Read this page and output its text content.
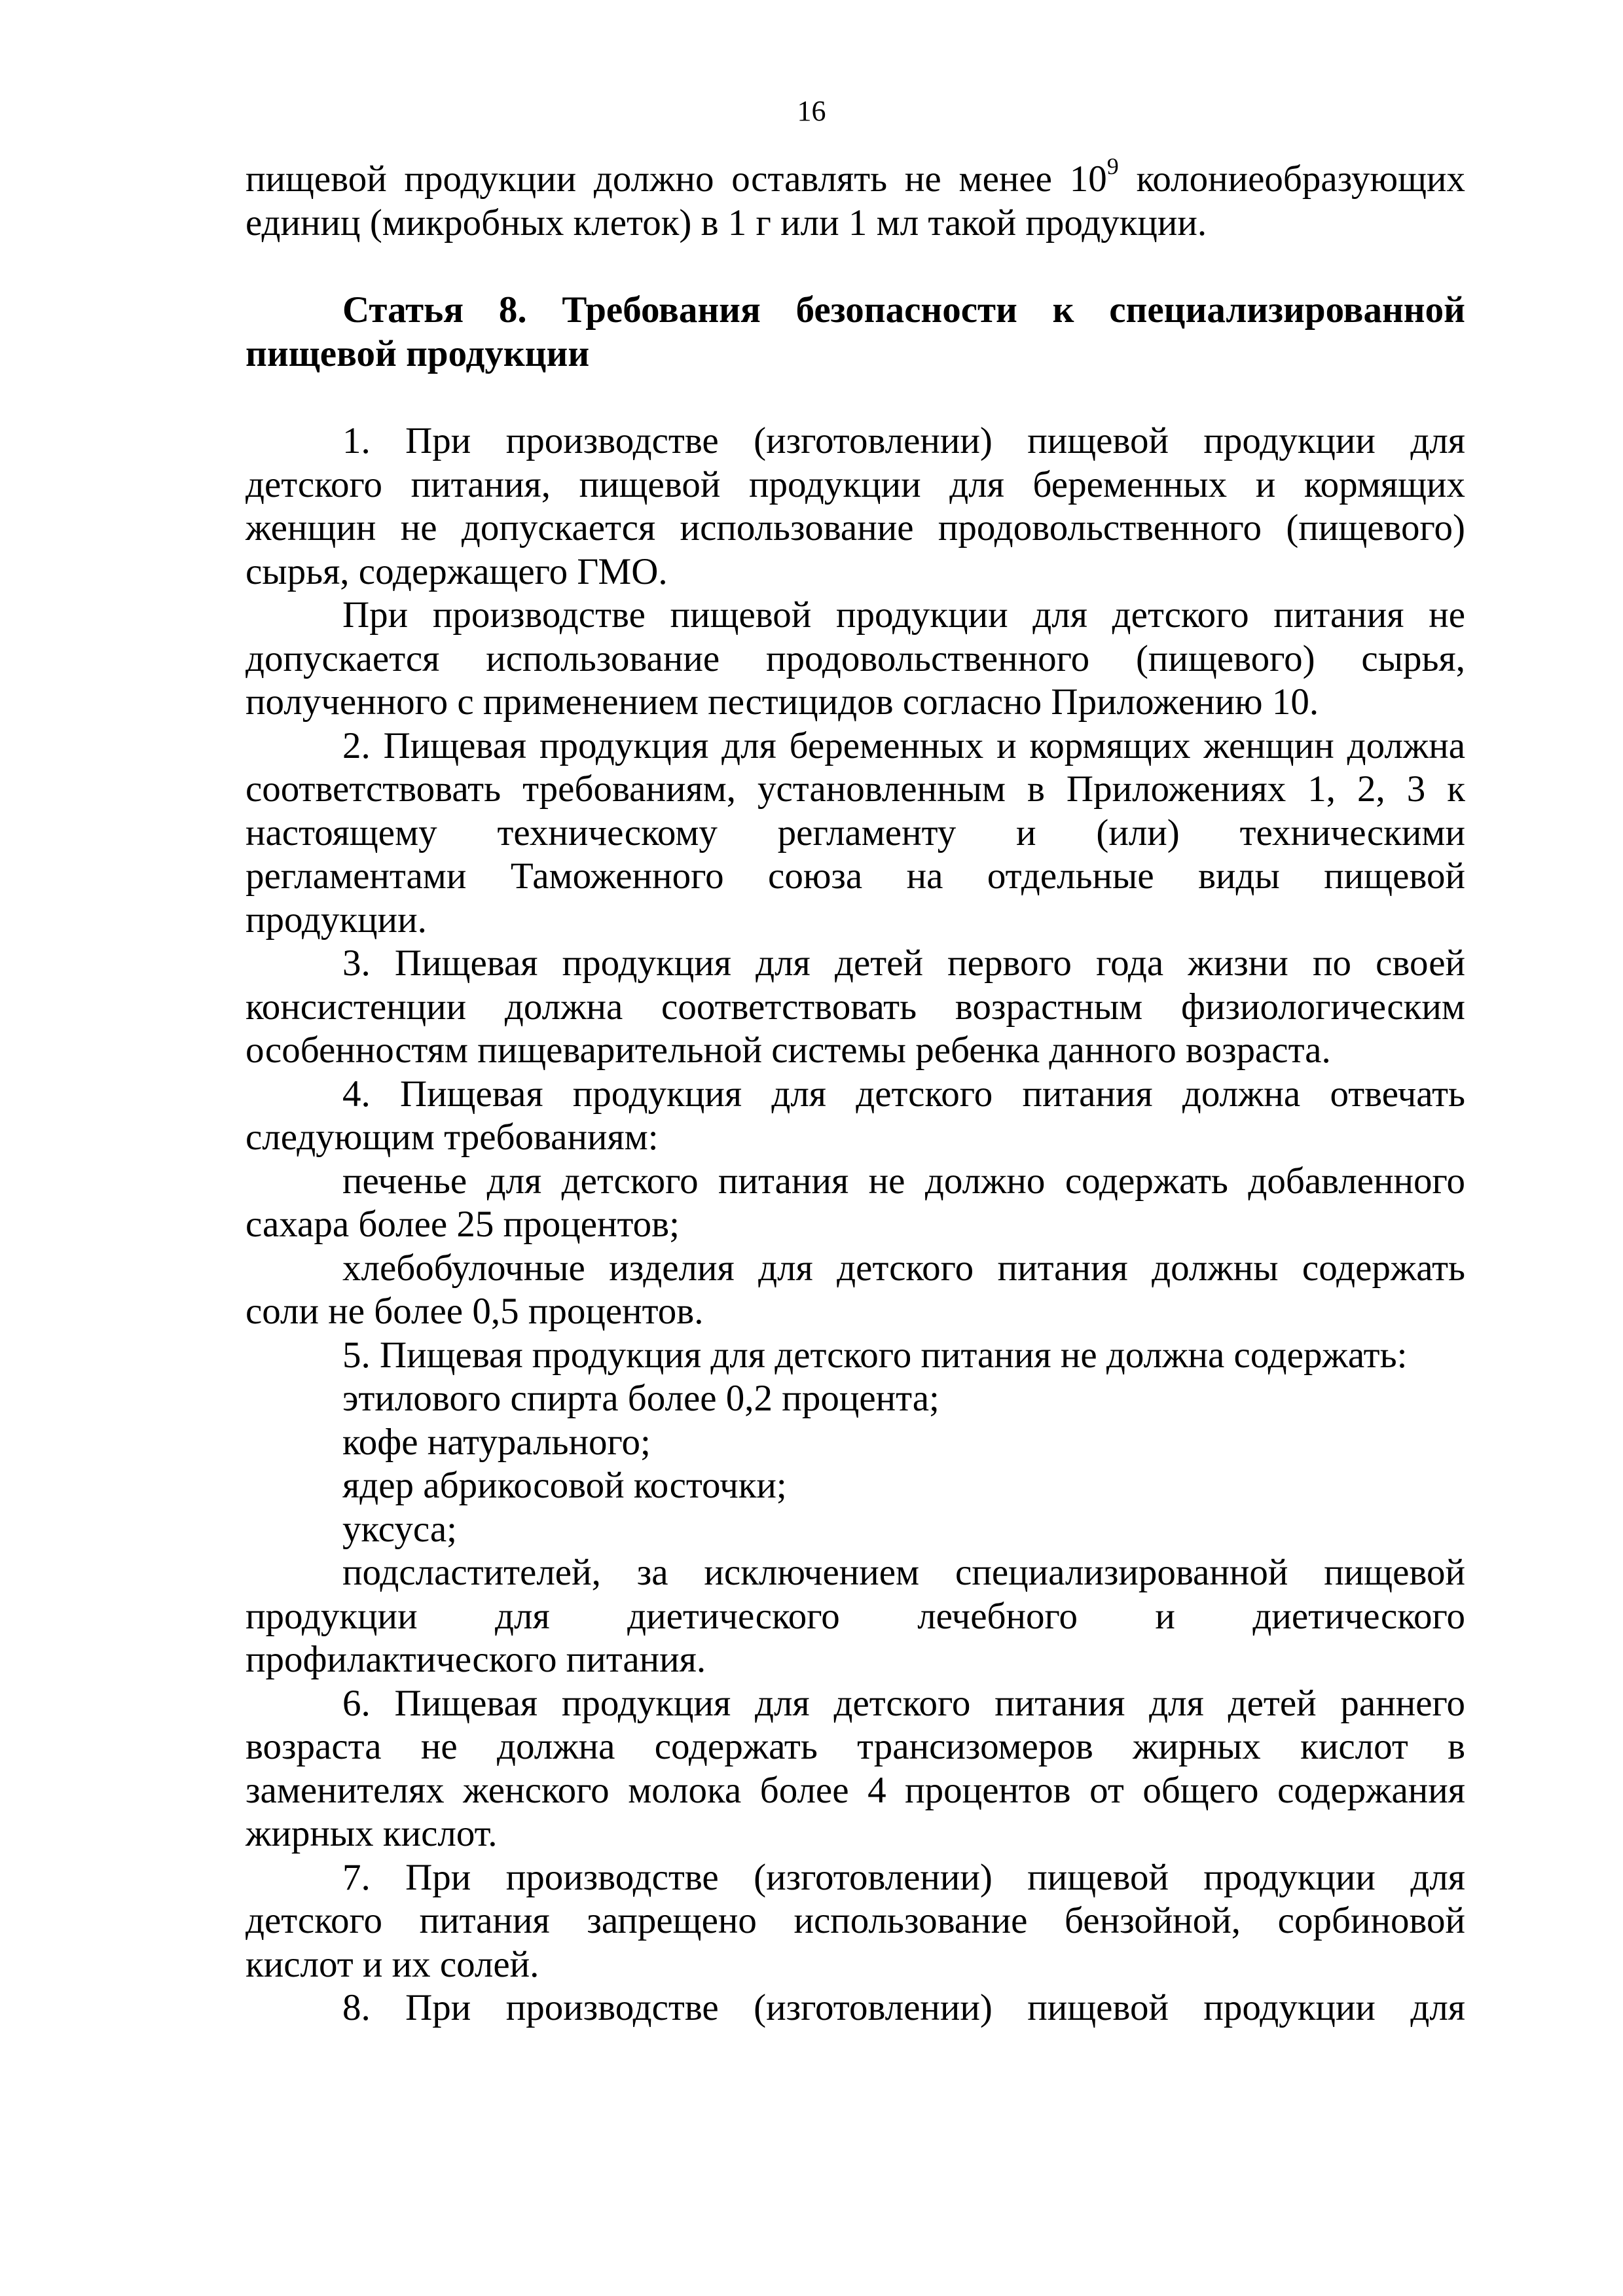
16

пищевой продукции должно оставлять не менее $10^9$ колониеобразующих

единиц (микробных клеток) в 1 г или 1 мл такой продукции.

Статья 8. Требования безопасности к специализированной

пищевой продукции

1. При производстве (изготовлении) пищевой продукции для

детского питания, пищевой продукции для беременных и кормящих

женщин не допускается использование продовольственного (пищевого)

сырья, содержащего ГМО.

При производстве пищевой продукции для детского питания не

допускается использование продовольственного (пищевого) сырья,

полученного с применением пестицидов согласно Приложению 10.

2. Пищевая продукция для беременных и кормящих женщин должна

соответствовать требованиям, установленным в Приложениях 1, 2, 3 к

настоящему техническому регламенту и (или) техническими

регламентами Таможенного союза на отдельные виды пищевой

продукции.

3. Пищевая продукция для детей первого года жизни по своей

консистенции должна соответствовать возрастным физиологическим

особенностям пищеварительной системы ребенка данного возраста.

4. Пищевая продукция для детского питания должна отвечать

следующим требованиям:

печенье для детского питания не должно содержать добавленного

сахара более 25 процентов;

хлебобулочные изделия для детского питания должны содержать

соли не более 0,5 процентов.

5. Пищевая продукция для детского питания не должна содержать:

этилового спирта более 0,2 процента;

кофе натурального;

ядер абрикосовой косточки;

уксуса;

подсластителей, за исключением специализированной пищевой

продукции для диетического лечебного и диетического

профилактического питания.

6. Пищевая продукция для детского питания для детей раннего

возраста не должна содержать трансизомеров жирных кислот в

заменителях женского молока более 4 процентов от общего содержания

жирных кислот.

7. При производстве (изготовлении) пищевой продукции для

детского питания запрещено использование бензойной, сорбиновой

кислот и их солей.

8. При производстве (изготовлении) пищевой продукции для
